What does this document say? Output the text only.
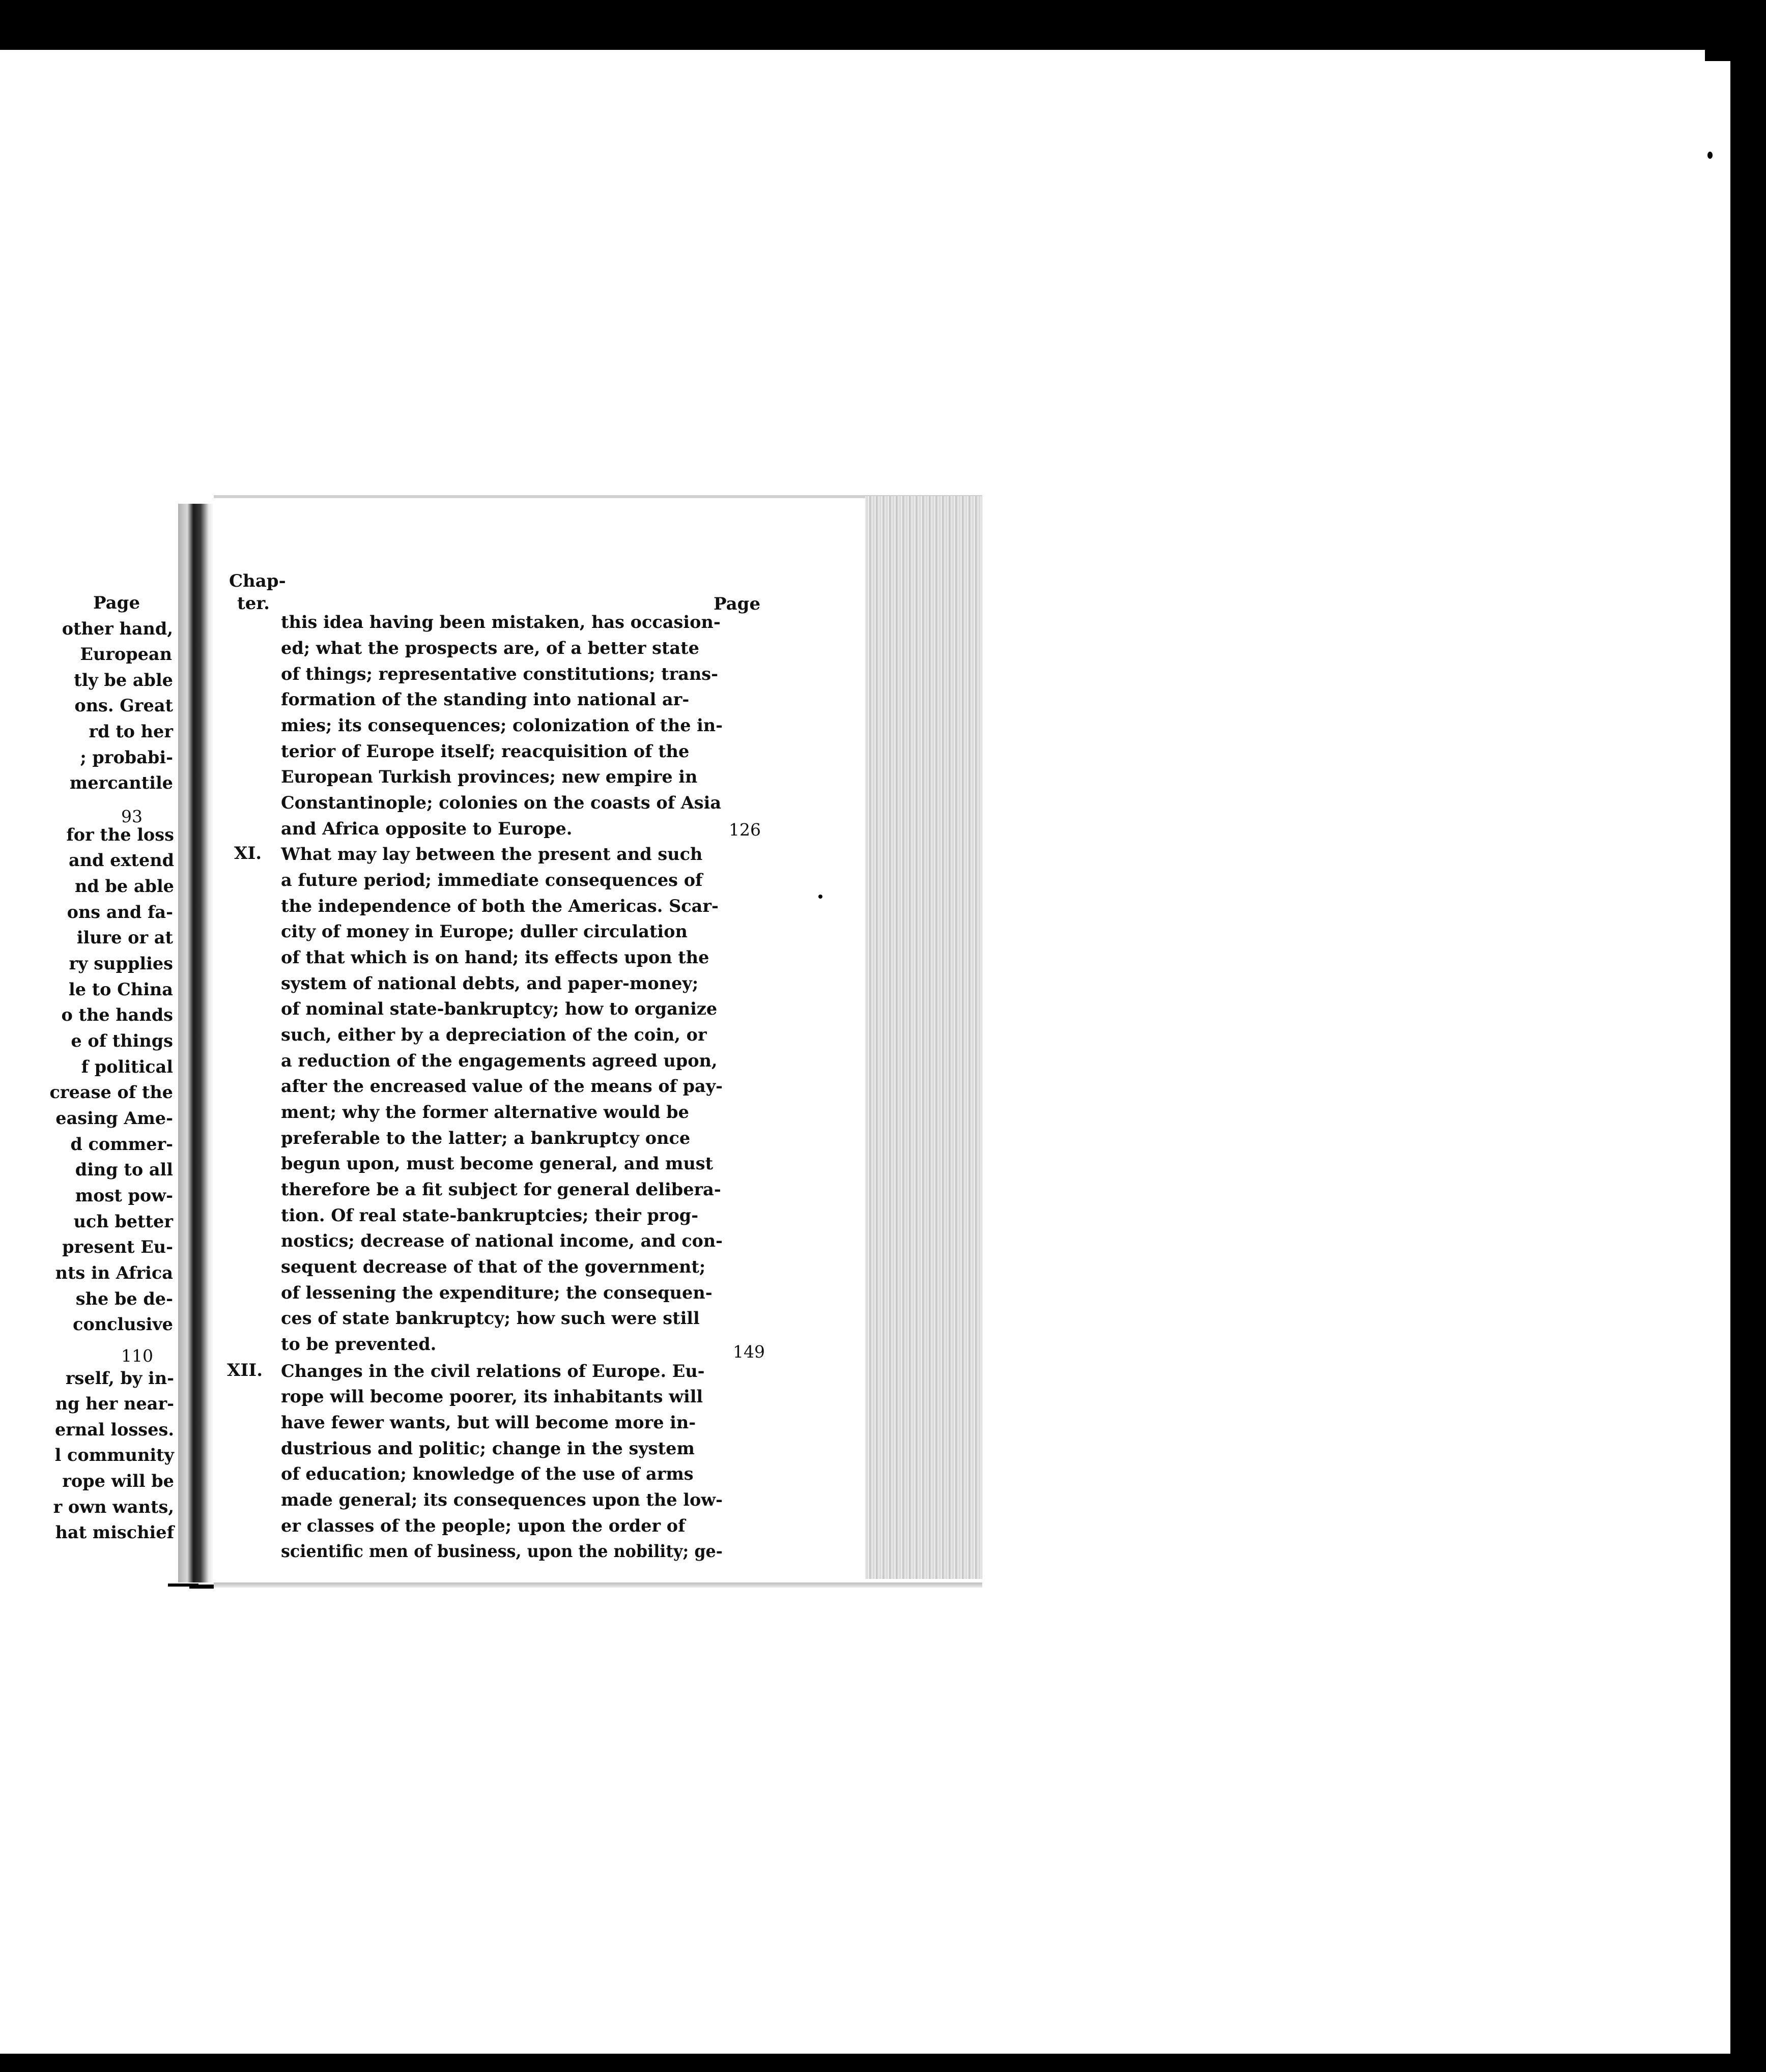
Page
other hand,
European
tly be able
ons. Great
rd to her
; probabi-
mercantile
93
for the loss
and extend
nd be able
ons and fa-
ilure or at
ry supplies
le to China
o the hands
e of things
f political
crease of the
easing Ame-
d commer-
ding to all
most pow-
uch better
present Eu-
nts in Africa
she be de-
conclusive
110
rself, by in-
ng her near-
ernal losses.
l community
rope will be
r own wants,
hat mischief
Chap-
ter.	Page
this idea having been mistaken, has occasion-
ed; what the prospects are, of a better state
of things; representative constitutions; trans-
formation of the standing into national ar-
mies; its consequences; colonization of the in-
terior of Europe itself; reacquisition of the
European Turkish provinces; new empire in
Constantinople; colonies on the coasts of Asia
and Africa opposite to Europe.	126
XI. What may lay between the present and such
a future period; immediate consequences of
the independence of both the Americas. Scar-
city of money in Europe; duller circulation
of that which is on hand; its effects upon the
system of national debts, and paper-money;
of nominal state-bankruptcy; how to organize
such, either by a depreciation of the coin, or
a reduction of the engagements agreed upon,
after the encreased value of the means of pay-
ment; why the former alternative would be
preferable to the latter; a bankruptcy once
begun upon, must become general, and must
therefore be a fit subject for general delibera-
tion. Of real state-bankruptcies; their prog-
nostics; decrease of national income, and con-
sequent decrease of that of the government;
of lessening the expenditure; the consequen-
ces of state bankruptcy; how such were still
to be prevented.	149
XII. Changes in the civil relations of Europe. Eu-
rope will become poorer, its inhabitants will
have fewer wants, but will become more in-
dustrious and politic; change in the system
of education; knowledge of the use of arms
made general; its consequences upon the low-
er classes of the people; upon the order of
scientific men of business, upon the nobility; ge-
